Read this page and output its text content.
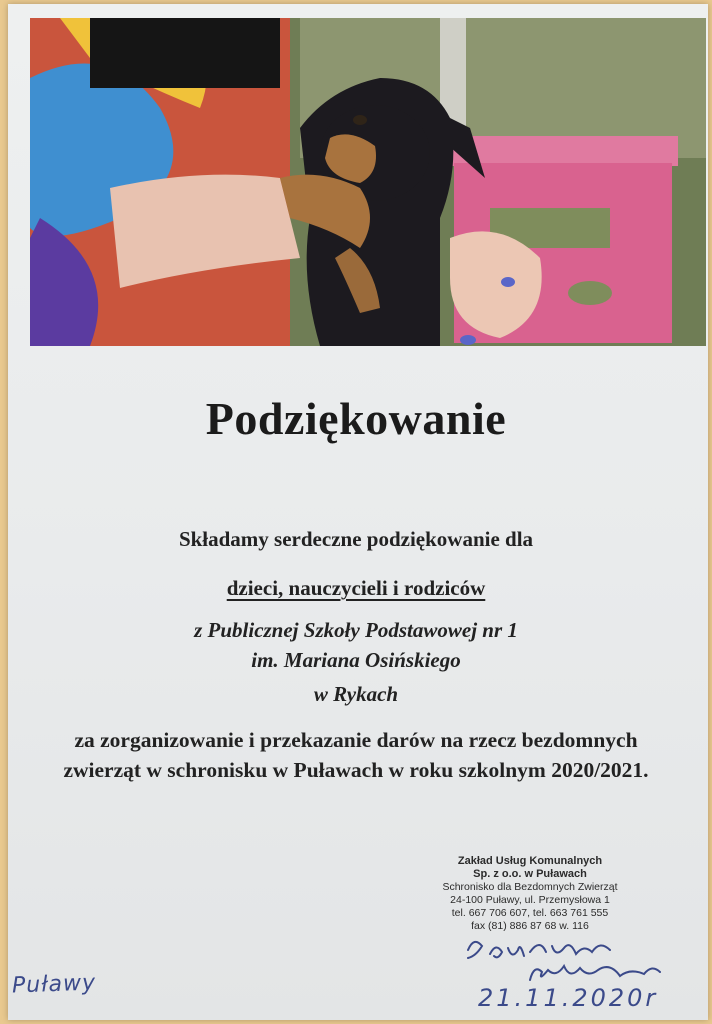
Podziękowanie
Składamy serdeczne podziękowanie dla
dzieci, nauczycieli i rodziców
z Publicznej Szkoły Podstawowej nr 1
im. Mariana Osińskiego
w Rykach
za zorganizowanie i przekazanie darów na rzecz bezdomnych
zwierząt w schronisku w Puławach w roku szkolnym 2020/2021.
Zakład Usług Komunalnych
Sp. z o.o. w Puławach
Schronisko dla Bezdomnych Zwierząt
24-100 Puławy, ul. Przemysłowa 1
tel. 667 706 607, tel. 663 761 555
fax (81) 886 87 68 w. 116
Puławy	21.11.2020r
